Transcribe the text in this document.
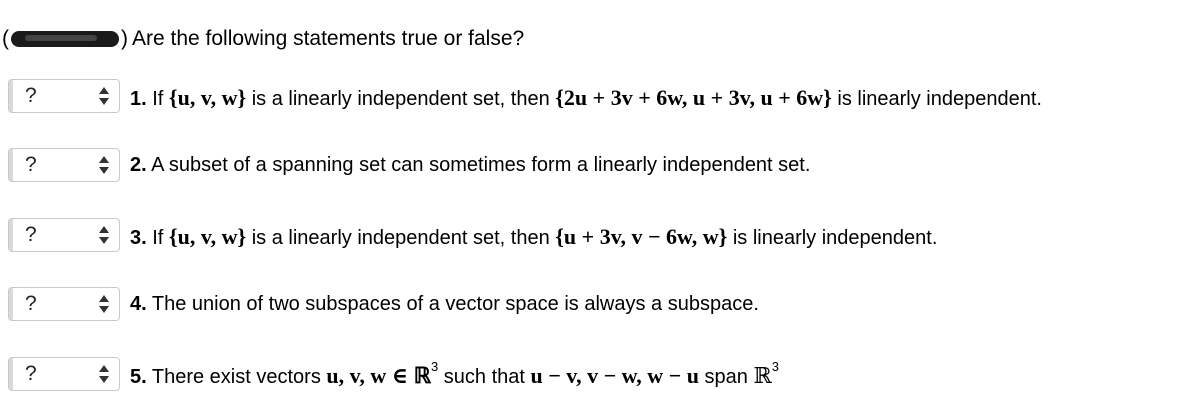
(	) Are the following statements true or false?
?	1. If {u, v, w} is a linearly independent set, then {2u + 3v + 6w, u + 3v, u + 6w} is linearly independent.
?	2. A subset of a spanning set can sometimes form a linearly independent set.
?	3. If {u, v, w} is a linearly independent set, then {u + 3v, v − 6w, w} is linearly independent.
?	4. The union of two subspaces of a vector space is always a subspace.
?	5. There exist vectors u, v, w ∈ ℝ$^3$ such that u − v, v − w, w − u span ℝ$^3$
